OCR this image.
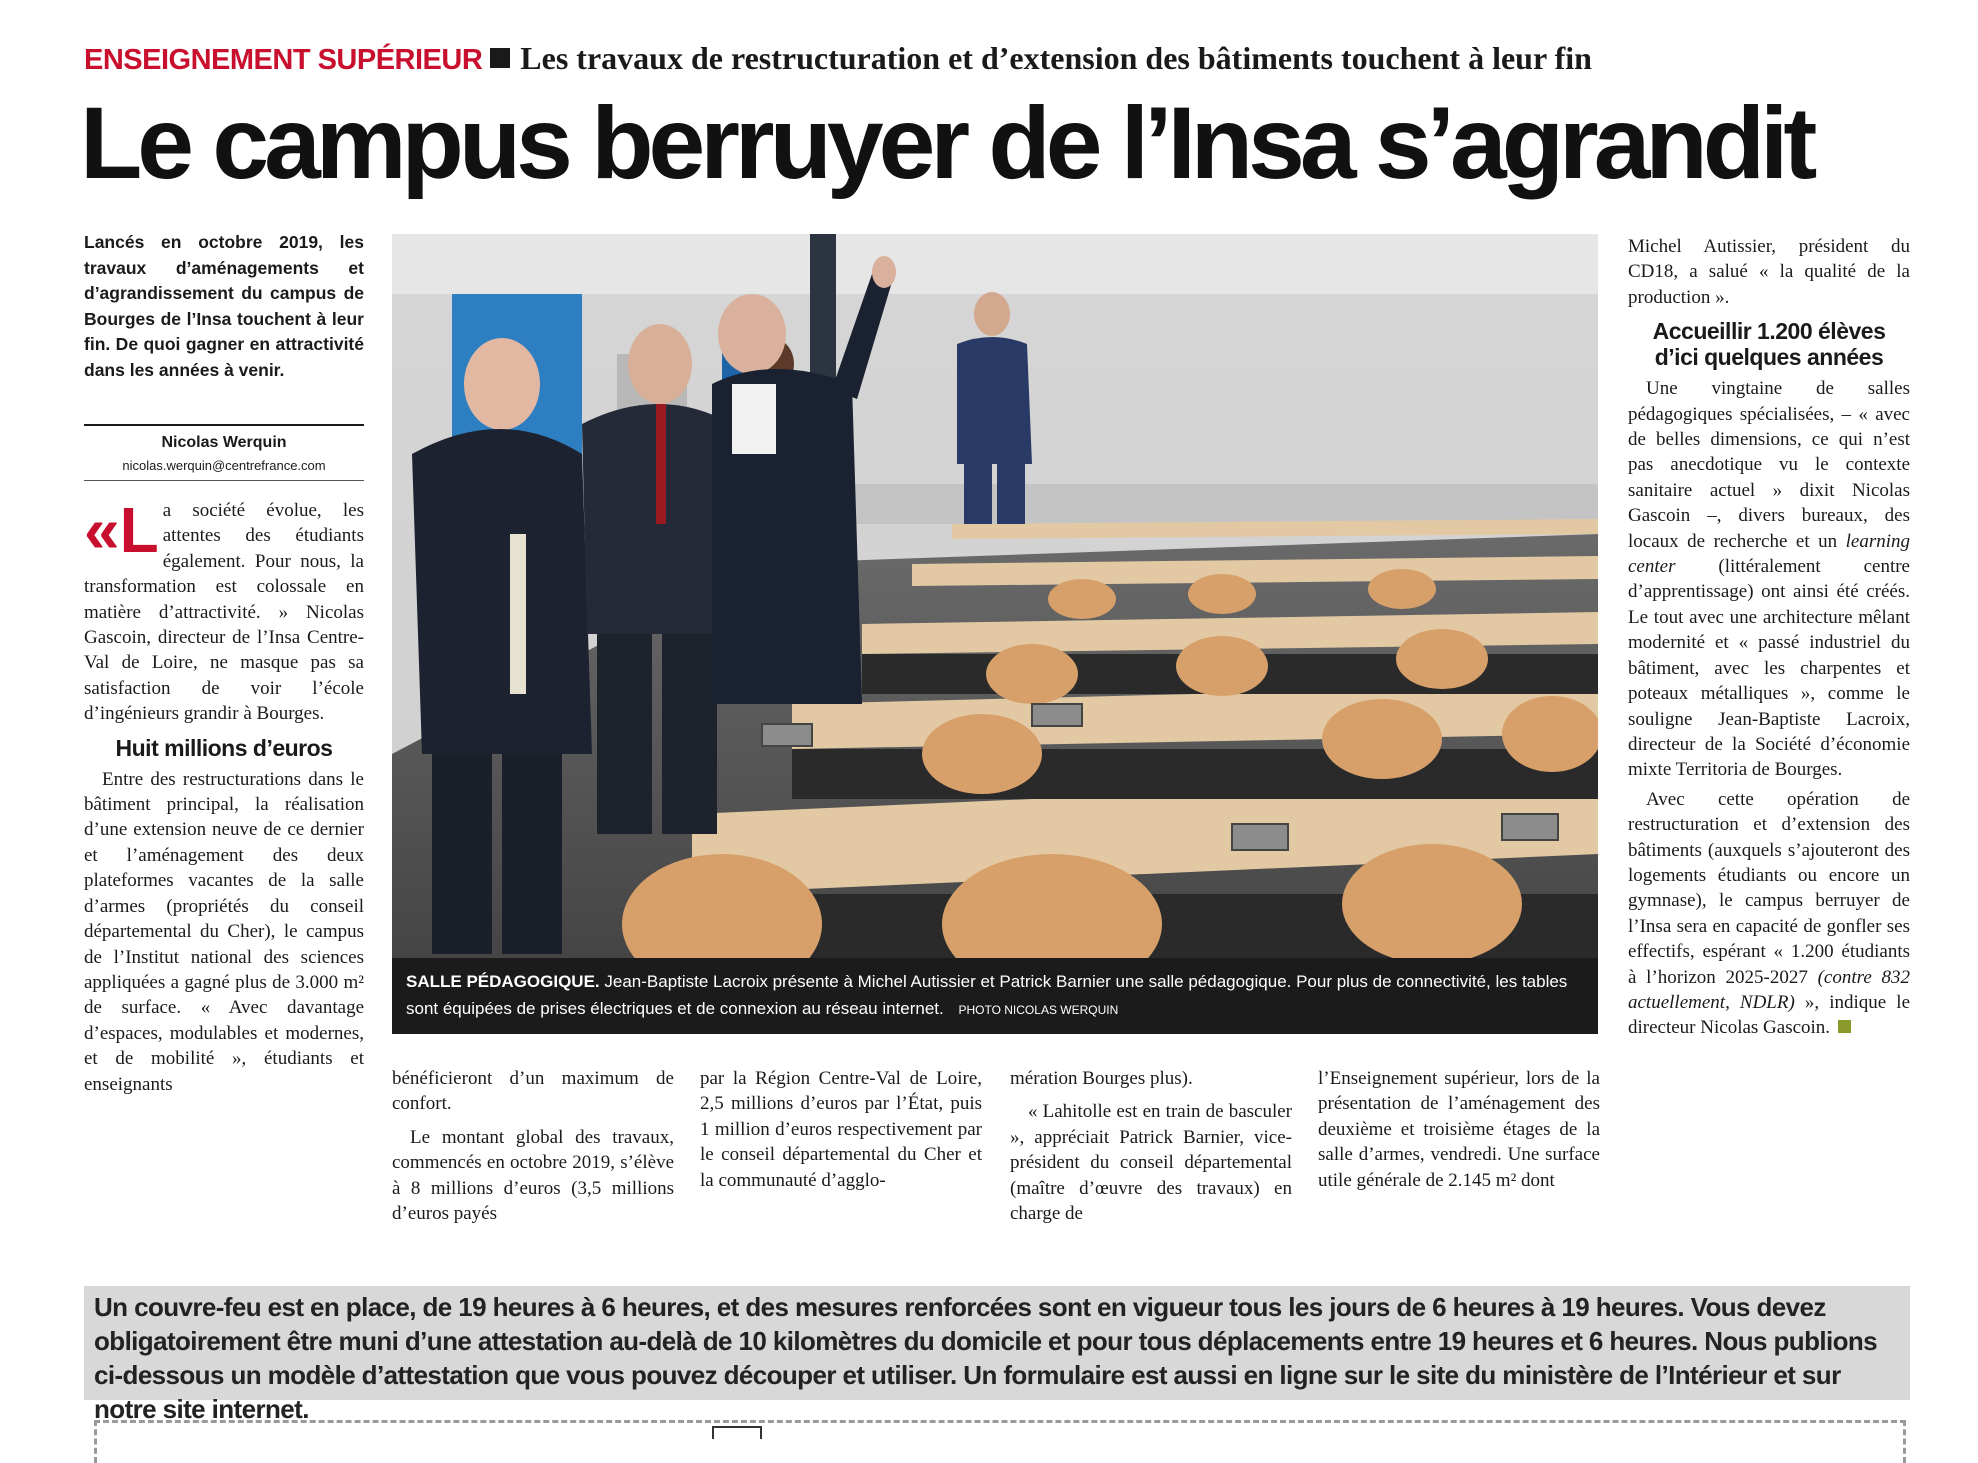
ENSEIGNEMENT SUPÉRIEUR Les travaux de restructuration et d’extension des bâtiments touchent à leur fin
Le campus berruyer de l’Insa s’agrandit
Lancés en octobre 2019, les travaux d’aménagements et d’agrandissement du campus de Bourges de l’Insa touchent à leur fin. De quoi gagner en attractivité dans les années à venir.
Nicolas Werquin
nicolas.werquin@centrefrance.com

«L a société évolue, les attentes des étudiants également. Pour nous, la transformation est colossale en matière d’attractivité. » Nicolas Gascoin, directeur de l’Insa Centre-Val de Loire, ne masque pas sa satisfaction de voir l’école d’ingénieurs grandir à Bourges.

Huit millions d’euros

Entre des restructurations dans le bâtiment principal, la réalisation d’une extension neuve de ce dernier et l’aménagement des deux plateformes vacantes de la salle d’armes (propriétés du conseil départemental du Cher), le campus de l’Institut national des sciences appliquées a gagné plus de 3.000 m² de surface. « Avec davantage d’espaces, modulables et modernes, et de mobilité », étudiants et enseignants

SALLE PÉDAGOGIQUE. Jean-Baptiste Lacroix présente à Michel Autissier et Patrick Barnier une salle pédagogique. Pour plus de connectivité, les tables sont équipées de prises électriques et de connexion au réseau internet. PHOTO NICOLAS WERQUIN

bénéficieront d’un maximum de confort.

Le montant global des travaux, commencés en octobre 2019, s’élève à 8 millions d’euros (3,5 millions d’euros payés

par la Région Centre-Val de Loire, 2,5 millions d’euros par l’État, puis 1 million d’euros respectivement par le conseil départemental du Cher et la communauté d’agglo-

mération Bourges plus).

« Lahitolle est en train de basculer », appréciait Patrick Barnier, vice-président du conseil départemental (maître d’œuvre des travaux) en charge de

l’Enseignement supérieur, lors de la présentation de l’aménagement des deuxième et troisième étages de la salle d’armes, vendredi. Une surface utile générale de 2.145 m² dont

Michel Autissier, président du CD18, a salué « la qualité de la production ».

Accueillir 1.200 élèves d’ici quelques années

Une vingtaine de salles pédagogiques spécialisées, – « avec de belles dimensions, ce qui n’est pas anecdotique vu le contexte sanitaire actuel » dixit Nicolas Gascoin –, divers bureaux, des locaux de recherche et un learning center (littéralement centre d’apprentissage) ont ainsi été créés. Le tout avec une architecture mêlant modernité et « passé industriel du bâtiment, avec les charpentes et poteaux métalliques », comme le souligne Jean-Baptiste Lacroix, directeur de la Société d’économie mixte Territoria de Bourges.

Avec cette opération de restructuration et d’extension des bâtiments (auxquels s’ajouteront des logements étudiants ou encore un gymnase), le campus berruyer de l’Insa sera en capacité de gonfler ses effectifs, espérant « 1.200 étudiants à l’horizon 2025-2027 (contre 832 actuellement, NDLR) », indique le directeur Nicolas Gascoin.

Un couvre-feu est en place, de 19 heures à 6 heures, et des mesures renforcées sont en vigueur tous les jours de 6 heures à 19 heures. Vous devez obligatoirement être muni d’une attestation au-delà de 10 kilomètres du domicile et pour tous déplacements entre 19 heures et 6 heures. Nous publions ci-dessous un modèle d’attestation que vous pouvez découper et utiliser. Un formulaire est aussi en ligne sur le site du ministère de l’Intérieur et sur notre site internet.
